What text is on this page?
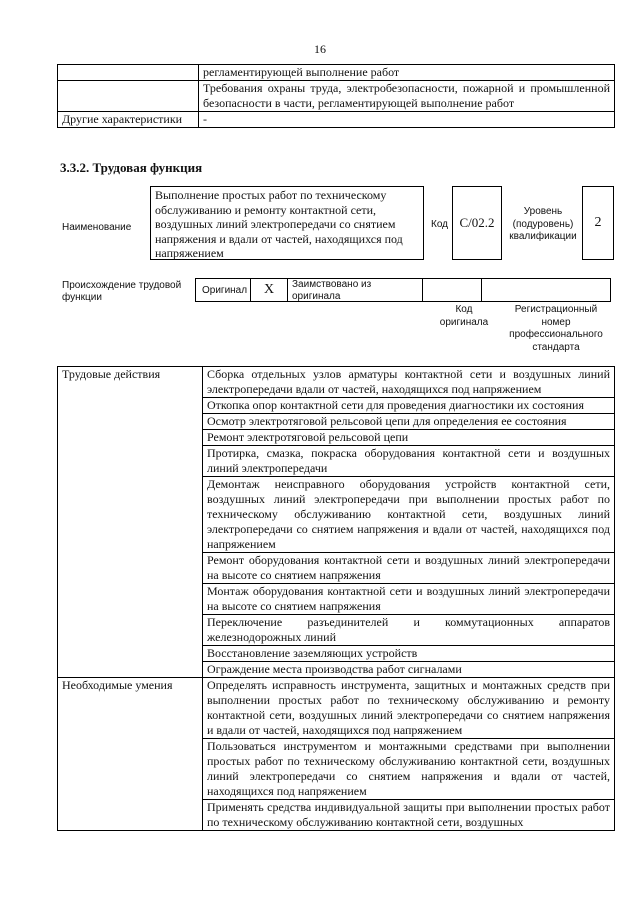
16
	регламентирующей выполнение работ
	Требования охраны труда, электробезопасности, пожарной и промышленной безопасности в части, регламентирующей выполнение работ
Другие характеристики	-
3.3.2. Трудовая функция
Наименование
Выполнение простых работ по техническому обслуживанию и ремонту контактной сети, воздушных линий электропередачи со снятием напряжения и вдали от частей, находящихся под напряжением
Код C/02.2
Уровень (подуровень) квалификации
2
Происхождение трудовой функции
Оригинал	X	Заимствовано из оригинала
Код оригинала
Регистрационный номер профессионального стандарта
Трудовые действия	Сборка отдельных узлов арматуры контактной сети и воздушных линий электропередачи вдали от частей, находящихся под напряжением
	Откопка опор контактной сети для проведения диагностики их состояния
	Осмотр электротяговой рельсовой цепи для определения ее состояния
	Ремонт электротяговой рельсовой цепи
	Протирка, смазка, покраска оборудования контактной сети и воздушных линий электропередачи
	Демонтаж неисправного оборудования устройств контактной сети, воздушных линий электропередачи при выполнении простых работ по техническому обслуживанию контактной сети, воздушных линий электропередачи со снятием напряжения и вдали от частей, находящихся под напряжением
	Ремонт оборудования контактной сети и воздушных линий электропередачи на высоте со снятием напряжения
	Монтаж оборудования контактной сети и воздушных линий электропередачи на высоте со снятием напряжения
	Переключение разъединителей и коммутационных аппаратов железнодорожных линий
	Восстановление заземляющих устройств
	Ограждение места производства работ сигналами
Необходимые умения	Определять исправность инструмента, защитных и монтажных средств при выполнении простых работ по техническому обслуживанию и ремонту контактной сети, воздушных линий электропередачи со снятием напряжения и вдали от частей, находящихся под напряжением
	Пользоваться инструментом и монтажными средствами при выполнении простых работ по техническому обслуживанию контактной сети, воздушных линий электропередачи со снятием напряжения и вдали от частей, находящихся под напряжением
	Применять средства индивидуальной защиты при выполнении простых работ по техническому обслуживанию контактной сети, воздушных
